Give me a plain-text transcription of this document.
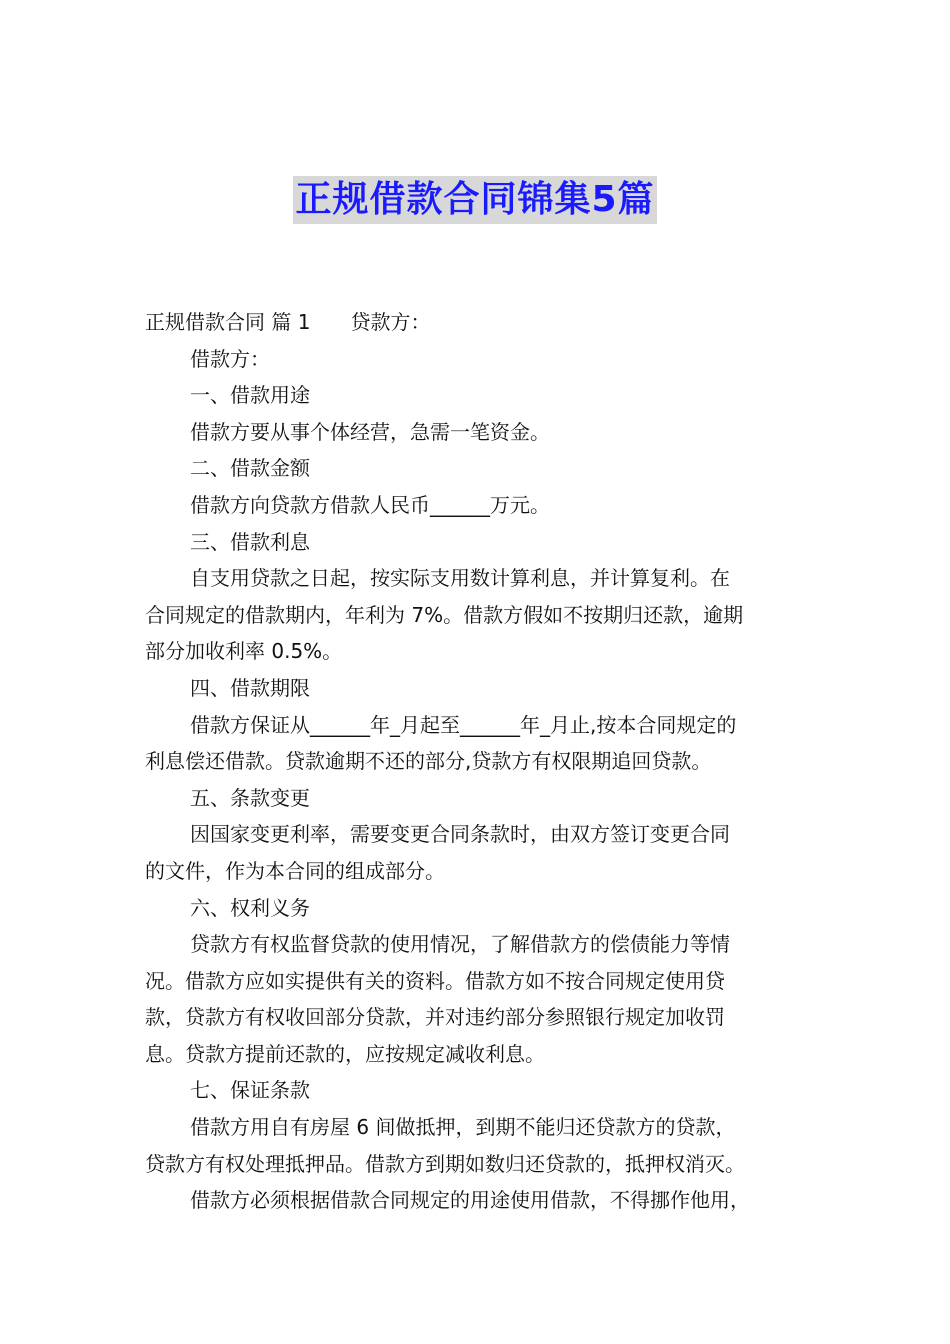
正规借款合同锦集5篇
正规借款合同 篇 1 贷款方：
借款方：
一、借款用途
借款方要从事个体经营，急需一笔资金。
二、借款金额
借款方向贷款方借款人民币______万元。
三、借款利息
自支用贷款之日起，按实际支用数计算利息，并计算复利。在
合同规定的借款期内，年利为 7%。借款方假如不按期归还款，逾期
部分加收利率 0.5%。
四、借款期限
借款方保证从______年_月起至______年_月止,按本合同规定的
利息偿还借款。贷款逾期不还的部分,贷款方有权限期追回贷款。
五、条款变更
因国家变更利率，需要变更合同条款时，由双方签订变更合同
的文件，作为本合同的组成部分。
六、权利义务
贷款方有权监督贷款的使用情况，了解借款方的偿债能力等情
况。借款方应如实提供有关的资料。借款方如不按合同规定使用贷
款，贷款方有权收回部分贷款，并对违约部分参照银行规定加收罚
息。贷款方提前还款的，应按规定减收利息。
七、保证条款
借款方用自有房屋 6 间做抵押，到期不能归还贷款方的贷款，
贷款方有权处理抵押品。借款方到期如数归还贷款的，抵押权消灭。
借款方必须根据借款合同规定的用途使用借款，不得挪作他用，
